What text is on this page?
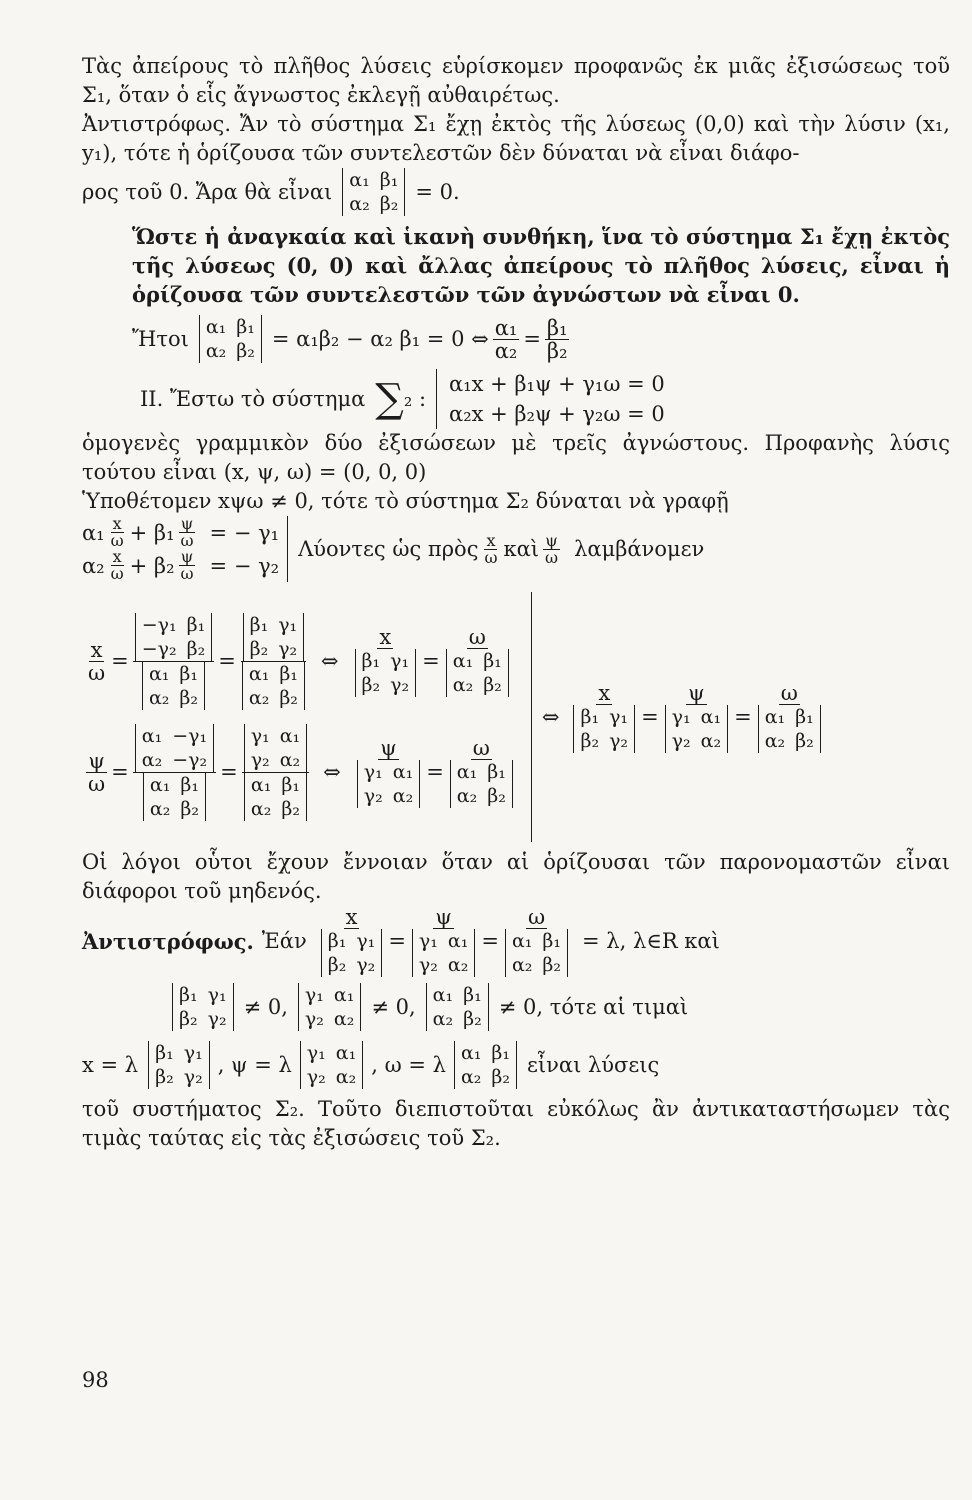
Τὰς ἀπείρους τὸ πλῆθος λύσεις εὑρίσκομεν προφανῶς ἐκ μιᾶς ἐξισώσεως τοῦ Σ₁, ὅταν ὁ εἷς ἄγνωστος ἐκλεγῇ αὐθαιρέτως.

Ἀντιστρόφως. Ἄν τὸ σύστημα Σ₁ ἔχῃ ἐκτὸς τῆς λύσεως (0,0) καὶ τὴν λύσιν (x₁, y₁), τότε ἡ ὁρίζουσα τῶν συντελεστῶν δὲν δύναται νὰ εἶναι διάφο-

ρος τοῦ 0. Ἄρα θὰ εἶναι α₁ β₁
α₂ β₂
= 0.

Ὥστε ἡ ἀναγκαία καὶ ἱκανὴ συνθήκη, ἵνα τὸ σύστημα Σ₁ ἔχῃ ἐκτὸς τῆς λύσεως (0, 0) καὶ ἄλλας ἀπείρους τὸ πλῆθος λύσεις, εἶναι ἡ ὁρίζουσα τῶν συντελεστῶν τῶν ἀγνώστων νὰ εἶναι 0.

Ἤτοι α₁ β₁
α₂ β₂
= α₁β₂ − α₂ β₁ = 0 ⇔ $\frac{\text{α₁}}{\text{α₂}} = \frac{\text{β₁}}{\text{β₂}}$
ΙΙ. Ἔστω τὸ σύστημα ∑ ₂ :
α₁x + β₁ψ + γ₁ω = 0
α₂x + β₂ψ + γ₂ω = 0

ὁμογενὲς γραμμικὸν δύο ἐξισώσεων μὲ τρεῖς ἀγνώστους. Προφανὴς λύσις τούτου εἶναι (x, ψ, ω) = (0, 0, 0)

Ὑποθέτομεν xψω ≠ 0, τότε τὸ σύστημα Σ₂ δύναται νὰ γραφῇ

$\alpha_1 \frac{x}{\omega} + \beta_1 \frac{\psi}{\omega}$ = − γ₁
$\alpha_2 \frac{x}{\omega} + \beta_2 \frac{\psi}{\omega}$ = − γ₂
Λύοντες ὡς πρὸς $\frac{x}{\omega}$ καὶ $\frac{\psi}{\omega}$ λαμβάνομεν
$\frac{x}{\omega} = -\gamma_1$ β₁
−γ₂ β₂
α₁ β₁
α₂ β₂ = β₁ γ₁
β₂ γ₂
α₁ β₁
α₂ β₂ ⇔ x
β₁ γ₁
β₂ γ₂ = ω
α₁ β₁
α₂ β₂
$\frac{\psi}{\omega} = \alpha_1 -\gamma_1$
α₂ −γ₂
α₁ β₁
α₂ β₂ = γ₁ α₁
γ₂ α₂
α₁ β₁
α₂ β₂ ⇔ ψ
γ₁ α₁
γ₂ α₂ = ω
α₁ β₁
α₂ β₂
⇔ x
β₁ γ₁
β₂ γ₂ = ψ
γ₁ α₁
γ₂ α₂ = ω
α₁ β₁
α₂ β₂

Οἱ λόγοι οὗτοι ἔχουν ἔννοιαν ὅταν αἱ ὁρίζουσαι τῶν παρονομαστῶν εἶναι διάφοροι τοῦ μηδενός.

Ἀντιστρόφως. Ἐάν x
β₁ γ₁
β₂ γ₂ = ψ
γ₁ α₁
γ₂ α₂ = ω
α₁ β₁
α₂ β₂ = λ, λ∈R καὶ
β₁ γ₁
β₂ γ₂
≠ 0, γ₁ α₁
γ₂ α₂
≠ 0, α₁ β₁
α₂ β₂
≠ 0, τότε αἱ τιμαὶ
x = λ β₁ γ₁
β₂ γ₂
, ψ = λ γ₁ α₁
γ₂ α₂
, ω = λ α₁ β₁
α₂ β₂
εἶναι λύσεις

τοῦ συστήματος Σ₂. Τοῦτο διεπιστοῦται εὐκόλως ἂν ἀντικαταστήσωμεν τὰς τιμὰς ταύτας εἰς τὰς ἐξισώσεις τοῦ Σ₂.

98
